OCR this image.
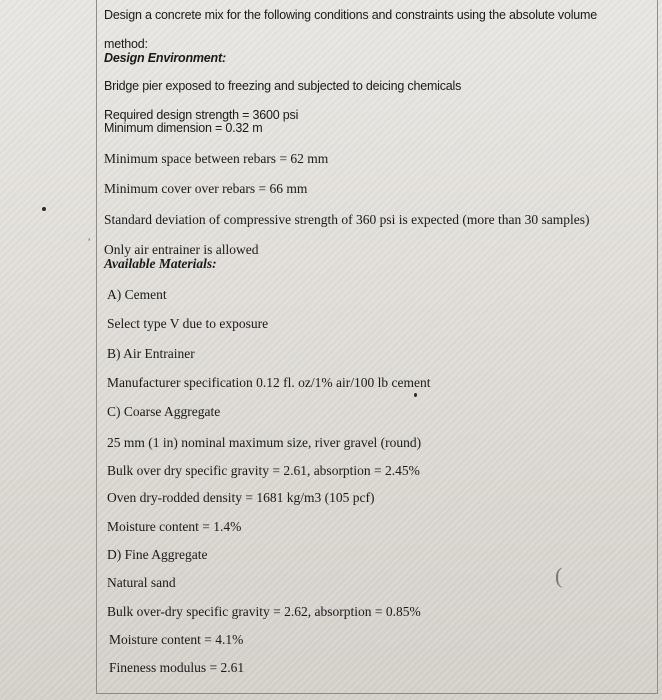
Design a concrete mix for the following conditions and constraints using the absolute volume
method:
Design Environment:
Bridge pier exposed to freezing and subjected to deicing chemicals
Required design strength = 3600 psi
Minimum dimension = 0.32 m
Minimum space between rebars = 62 mm
Minimum cover over rebars = 66 mm
Standard deviation of compressive strength of 360 psi is expected (more than 30 samples)
ʼ Only air entrainer is allowed
Available Materials:
A) Cement
Select type V due to exposure
B) Air Entrainer
Manufacturer specification 0.12 fl. oz/1% air/100 lb cement
C) Coarse Aggregate
25 mm (1 in) nominal maximum size, river gravel (round)
Bulk over dry specific gravity = 2.61, absorption = 2.45%
Oven dry-rodded density = 1681 kg/m3 (105 pcf)
Moisture content = 1.4%
D) Fine Aggregate
Natural sand	(
Bulk over-dry specific gravity = 2.62, absorption = 0.85%
Moisture content = 4.1%
Fineness modulus = 2.61
